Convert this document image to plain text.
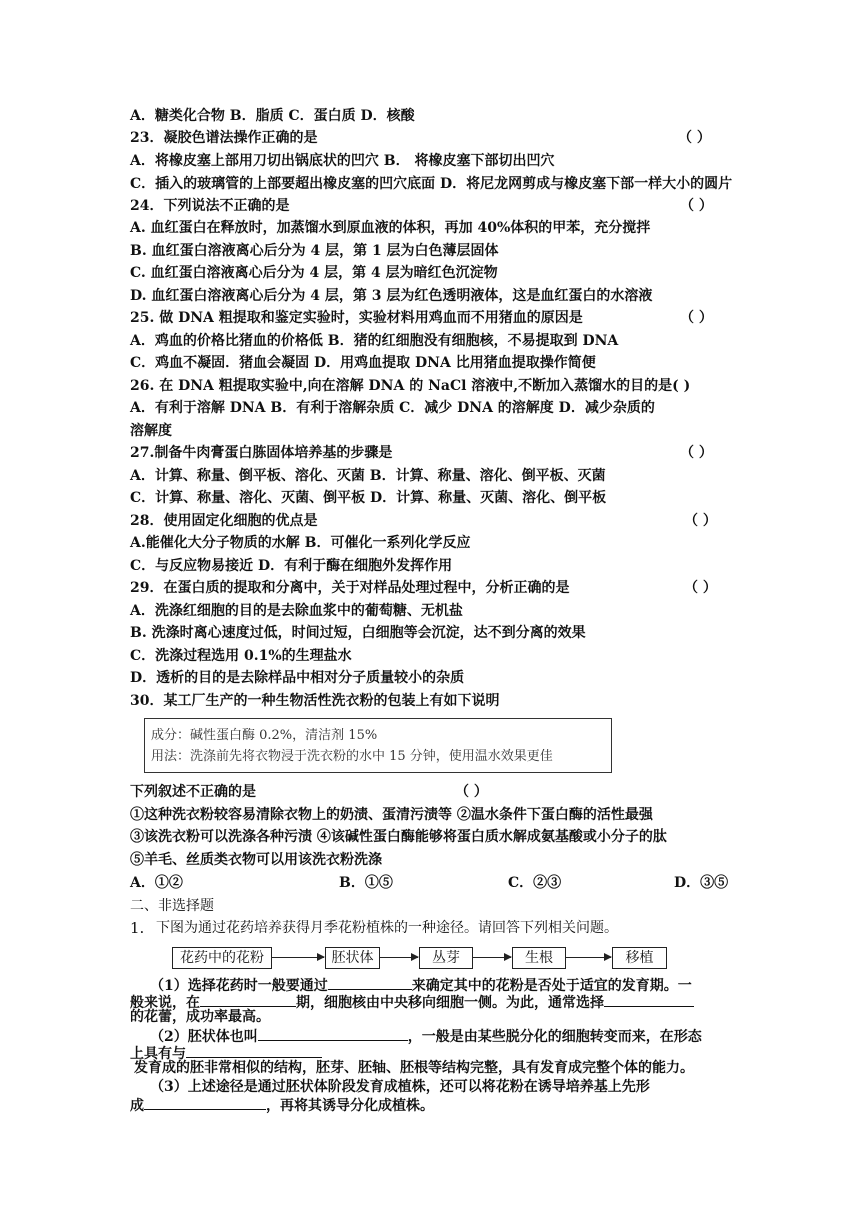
A．糖类化合物 B．脂质 C．蛋白质 D．核酸
23．凝胶色谱法操作正确的是	（ ）
A．将橡皮塞上部用刀切出锅底状的凹穴 B． 将橡皮塞下部切出凹穴
C．插入的玻璃管的上部要超出橡皮塞的凹穴底面 D．将尼龙网剪成与橡皮塞下部一样大小的圆片
24．下列说法不正确的是	（ ）
A. 血红蛋白在释放时，加蒸馏水到原血液的体积，再加 40%体积的甲苯，充分搅拌
B. 血红蛋白溶液离心后分为 4 层，第 1 层为白色薄层固体
C. 血红蛋白溶液离心后分为 4 层，第 4 层为暗红色沉淀物
D. 血红蛋白溶液离心后分为 4 层，第 3 层为红色透明液体，这是血红蛋白的水溶液
25. 做 DNA 粗提取和鉴定实验时，实验材料用鸡血而不用猪血的原因是	（ ）
A．鸡血的价格比猪血的价格低 B．猪的红细胞没有细胞核，不易提取到 DNA
C．鸡血不凝固．猪血会凝固 D．用鸡血提取 DNA 比用猪血提取操作简便
26. 在 DNA 粗提取实验中,向在溶解 DNA 的 NaCl 溶液中,不断加入蒸馏水的目的是( )
A．有利于溶解 DNA B．有利于溶解杂质 C．减少 DNA 的溶解度 D．减少杂质的
溶解度
27.制备牛肉膏蛋白胨固体培养基的步骤是	（ ）
A．计算、称量、倒平板、溶化、灭菌 B．计算、称量、溶化、倒平板、灭菌
C．计算、称量、溶化、灭菌、倒平板 D．计算、称量、灭菌、溶化、倒平板
28．使用固定化细胞的优点是	（ ）
A.能催化大分子物质的水解 B．可催化一系列化学反应
C．与反应物易接近 D．有利于酶在细胞外发挥作用
29．在蛋白质的提取和分离中，关于对样品处理过程中，分析正确的是	（ ）
A．洗涤红细胞的目的是去除血浆中的葡萄糖、无机盐
B. 洗涤时离心速度过低，时间过短，白细胞等会沉淀，达不到分离的效果
C．洗涤过程选用 0.1%的生理盐水
D．透析的目的是去除样品中相对分子质量较小的杂质
30．某工厂生产的一种生物活性洗衣粉的包装上有如下说明
成分：碱性蛋白酶 0.2%，清洁剂 15%
用法：洗涤前先将衣物浸于洗衣粉的水中 15 分钟，使用温水效果更佳
下列叙述不正确的是	（ ）
①这种洗衣粉较容易清除衣物上的奶渍、蛋清污渍等 ②温水条件下蛋白酶的活性最强
③该洗衣粉可以洗涤各种污渍 ④该碱性蛋白酶能够将蛋白质水解成氨基酸或小分子的肽
⑤羊毛、丝质类衣物可以用该洗衣粉洗涤
A．①②	B．①⑤	C．②③	D．③⑤
二、非选择题
1. 下图为通过花药培养获得月季花粉植株的一种途径。请回答下列相关问题。
花药中的花粉	胚状体	丛芽	生根	移植
（1）选择花药时一般要通过	来确定其中的花粉是否处于适宜的发育期。一
般来说，在	期，细胞核由中央移向细胞一侧。为此，通常选择
的花蕾，成功率最高。
（2）胚状体也叫	，一般是由某些脱分化的细胞转变而来，在形态
上具有与
发育成的胚非常相似的结构，胚芽、胚轴、胚根等结构完整，具有发育成完整个体的能力。
（3）上述途径是通过胚状体阶段发育成植株，还可以将花粉在诱导培养基上先形
成	，再将其诱导分化成植株。
